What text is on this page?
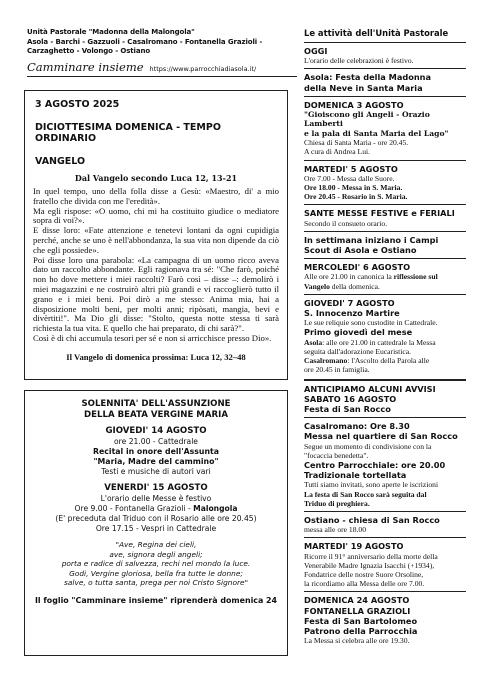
Unità Pastorale "Madonna della Malongola"
Asola - Barchi - Gazzuoli - Casalromano - Fontanella Grazioli -
Carzaghetto - Volongo - Ostiano
Camminare insieme https://www.parrocchiadiasola.it/
3 AGOSTO 2025
DICIOTTESIMA DOMENICA - TEMPO ORDINARIO
VANGELO
Dal Vangelo secondo Luca 12, 13-21

In quel tempo, uno della folla disse a Gesù: «Maestro, di' a mio fratello che divida con me l'eredità».

Ma egli rispose: «O uomo, chi mi ha costituito giudice o mediatore sopra di voi?».

E disse loro: «Fate attenzione e tenetevi lontani da ogni cupidigia perché, anche se uno è nell'abbondanza, la sua vita non dipende da ciò che egli possiede».

Poi disse loro una parabola: «La campagna di un uomo ricco aveva dato un raccolto abbondante. Egli ragionava tra sé: "Che farò, poiché non ho dove mettere i miei raccolti? Farò così – disse –: demolirò i miei magazzini e ne costruirò altri più grandi e vi raccoglierò tutto il grano e i miei beni. Poi dirò a me stesso: Anima mia, hai a disposizione molti beni, per molti anni; ripòsati, mangia, bevi e divèrtiti!". Ma Dio gli disse: "Stolto, questa notte stessa ti sarà richiesta la tua vita. E quello che hai preparato, di chi sarà?".

Così è di chi accumula tesori per sé e non si arricchisce presso Dio».

Il Vangelo di domenica prossima: Luca 12, 32–48
SOLENNITA' DELL'ASSUNZIONE
DELLA BEATA VERGINE MARIA
GIOVEDI' 14 AGOSTO
ore 21.00 - Cattedrale
Recital in onore dell'Assunta
"Maria, Madre del cammino"
Testi e musiche di autori vari
VENERDI' 15 AGOSTO
L'orario delle Messe è festivo
Ore 9.00 - Fontanella Grazioli - Malongola
(E' preceduta dal Triduo con il Rosario alle ore 20.45)
Ore 17.15 - Vespri in Cattedrale
"Ave, Regina dei cieli,
ave, signora degli angeli;
porta e radice di salvezza, rechi nel mondo la luce.
Godi, Vergine gloriosa, bella fra tutte le donne;
salve, o tutta santa, prega per noi Cristo Signore"
Il foglio "Camminare insieme" riprenderà domenica 24
Le attività dell'Unità Pastorale
OGGI
L'orario delle celebrazioni è festivo.
Asola: Festa della Madonna
della Neve in Santa Maria
DOMENICA 3 AGOSTO
"Gioiscono gli Angeli - Orazio Lamberti
e la pala di Santa Maria del Lago"
Chiesa di Santa Maria - ore 20.45.
A cura di Andrea Lui.
MARTEDI' 5 AGOSTO
Ore 7.00 - Messa dalle Suore.
Ore 18.00 - Messa in S. Maria.
Ore 20.45 - Rosario in S. Maria.
SANTE MESSE FESTIVE e FERIALI
Secondo il consueto orario.
In settimana iniziano i Campi
Scout di Asola e Ostiano
MERCOLEDI' 6 AGOSTO
Alle ore 21.00 in canonica la riflessione sul
Vangelo della domenica.
GIOVEDI' 7 AGOSTO
S. Innocenzo Martire
Le sue reliquie sono custodite in Cattedrale.
Primo giovedì del mese
Asola: alle ore 21.00 in cattedrale la Messa
seguita dall'adorazione Eucaristica.
Casalromano: l'Ascolto della Parola alle
ore 20.45 in famiglia.
ANTICIPIAMO ALCUNI AVVISI
SABATO 16 AGOSTO
Festa di San Rocco
Casalromano: Ore 8.30
Messa nel quartiere di San Rocco
Segue un momento di condivisione con la
"focaccia benedetta".
Centro Parrocchiale: ore 20.00
Tradizionale tortellata
Tutti siamo invitati, sono aperte le iscrizioni
La festa di San Rocco sarà seguita dal
Triduo di preghiera.
Ostiano - chiesa di San Rocco
messa alle ore 18.00
MARTEDI' 19 AGOSTO
Ricorre il 91° anniversario della morte della
Venerabile Madre Ignazia Isacchi (+1934),
Fondatrice delle nostre Suore Orsoline,
la ricordiamo alla Messa delle ore 7.00.
DOMENICA 24 AGOSTO
FONTANELLA GRAZIOLI
Festa di San Bartolomeo
Patrono della Parrocchia
La Messa si celebra alle ore 19.30.
